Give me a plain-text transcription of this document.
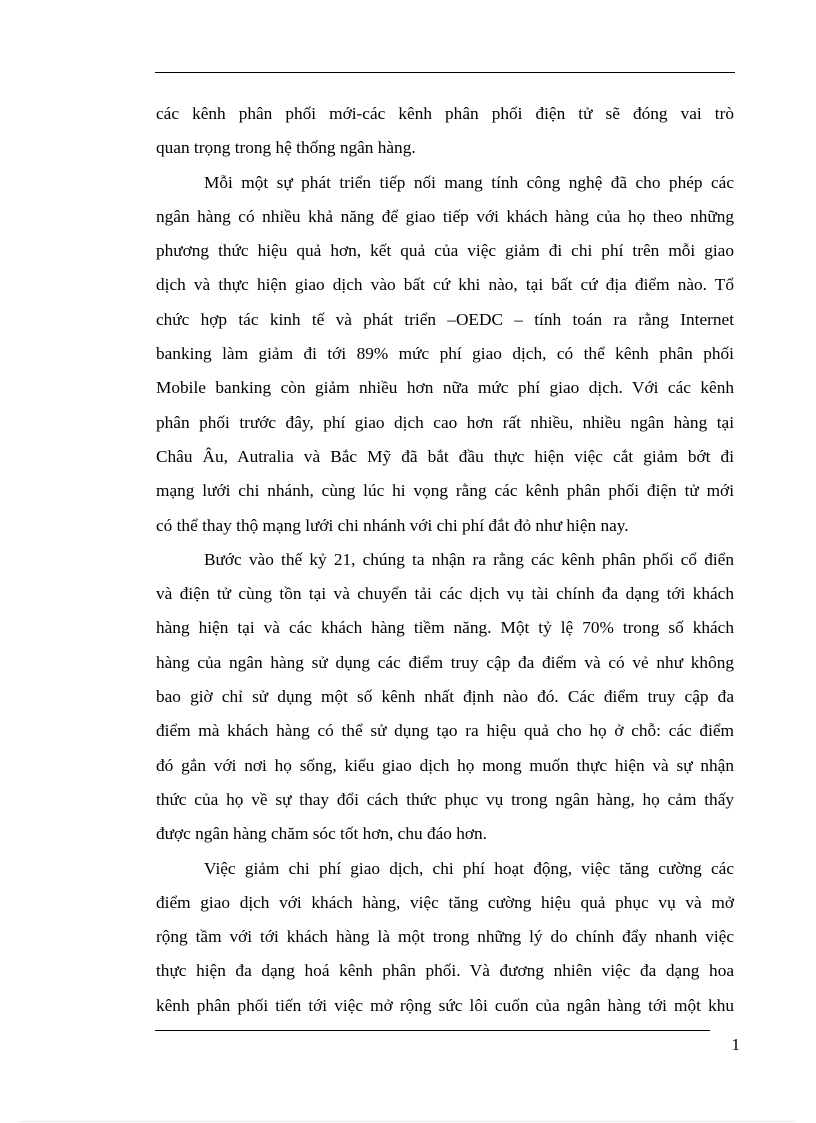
các kênh phân phối mới-các kênh phân phối điện tử sẽ đóng vai trò
quan trọng trong hệ thống ngân hàng.
Mỗi một sự phát triển tiếp nối mang tính công nghệ đã cho phép các
ngân hàng có nhiều khả năng để giao tiếp với khách hàng của họ theo những
phương thức hiệu quả hơn, kết quả của việc giảm đi chi phí trên mỗi giao
dịch và thực hiện giao dịch vào bất cứ khi nào, tại bất cứ địa điểm nào. Tổ
chức hợp tác kinh tế và phát triển –OEDC – tính toán ra rằng Internet
banking làm giảm đi tới 89% mức phí giao dịch, có thể kênh phân phối
Mobile banking còn giảm nhiều hơn nữa mức phí giao dịch. Với các kênh
phân phối trước đây, phí giao dịch cao hơn rất nhiều, nhiều ngân hàng tại
Châu Âu, Autralia và Bắc Mỹ đã bắt đầu thực hiện việc cắt giảm bớt đi
mạng lưới chi nhánh, cùng lúc hi vọng rằng các kênh phân phối điện tử mới
có thể thay thộ mạng lưới chi nhánh với chi phí đắt đỏ như hiện nay.
Bước vào thế kỷ 21, chúng ta nhận ra rằng các kênh phân phối cổ điển
và điện tử cùng tồn tại và chuyển tải các dịch vụ tài chính đa dạng tới khách
hàng hiện tại và các khách hàng tiềm năng. Một tỷ lệ 70% trong số khách
hàng của ngân hàng sử dụng các điểm truy cập đa điểm và có vẻ như không
bao giờ chỉ sử dụng một số kênh nhất định nào đó. Các điểm truy cập đa
điểm mà khách hàng có thể sử dụng tạo ra hiệu quả cho họ ở chỗ: các điểm
đó gắn với nơi họ sống, kiểu giao dịch họ mong muốn thực hiện và sự nhận
thức của họ về sự thay đổi cách thức phục vụ trong ngân hàng, họ cảm thấy
được ngân hàng chăm sóc tốt hơn, chu đáo hơn.
Việc giảm chi phí giao dịch, chi phí hoạt động, việc tăng cường các
điểm giao dịch với khách hàng, việc tăng cường hiệu quả phục vụ và mở
rộng tầm với tới khách hàng là một trong những lý do chính đẩy nhanh việc
thực hiện đa dạng hoá kênh phân phối. Và đương nhiên việc đa dạng hoa
kênh phân phối tiến tới việc mở rộng sức lôi cuốn của ngân hàng tới một khu
1
